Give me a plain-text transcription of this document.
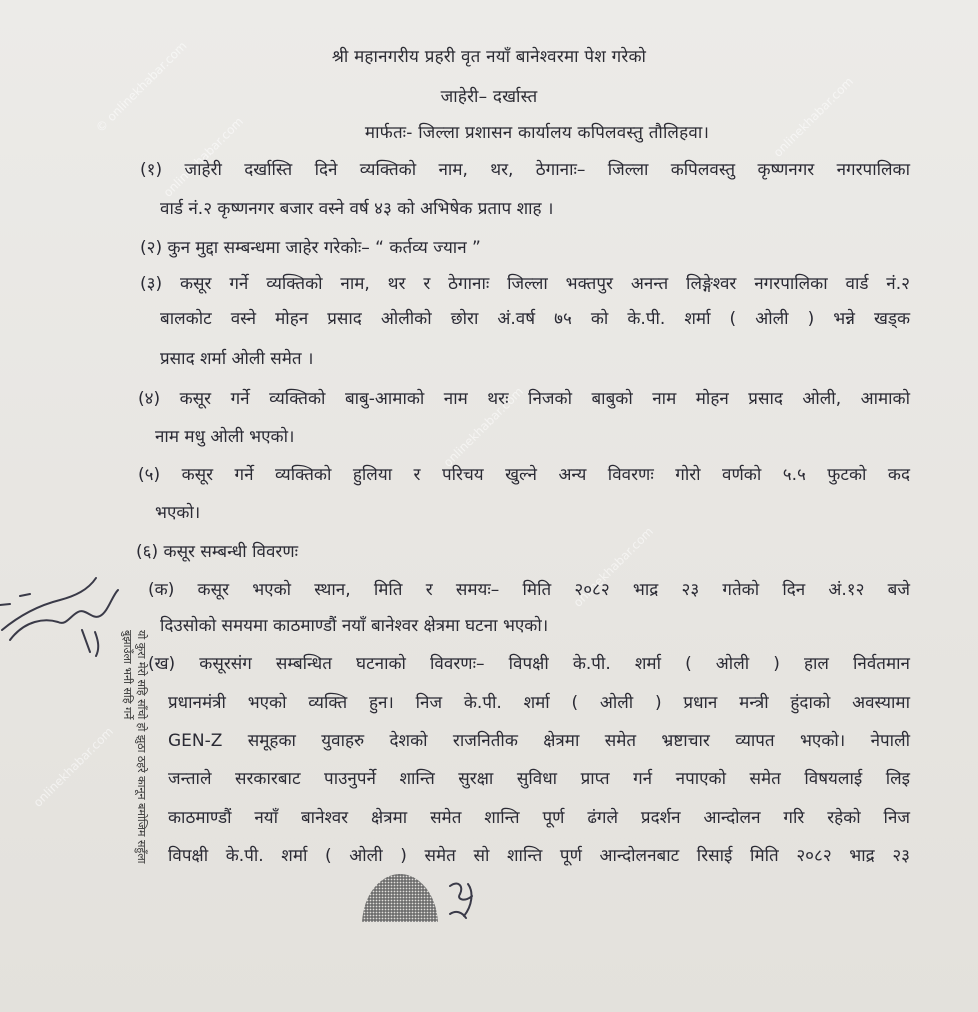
© onlinekhabar.com
onlinekhabar.com	onlinekhabar.com
onlinekhabar.com
onlinekhabar.com
onlinekhabar.com
श्री महानगरीय प्रहरी वृत नयाँ बानेश्वरमा पेश गरेको
जाहेरी– दर्खास्त
मार्फतः- जिल्ला प्रशासन कार्यालय कपिलवस्तु तौलिहवा।
(१) जाहेरी दर्खास्ति दिने व्यक्तिको नाम, थर, ठेगानाः– जिल्ला कपिलवस्तु कृष्णनगर नगरपालिका
वार्ड नं.२ कृष्णनगर बजार वस्ने वर्ष ४३ को अभिषेक प्रताप शाह ।
(२) कुन मुद्दा सम्बन्धमा जाहेर गरेकोः– “ कर्तव्य ज्यान ”
(३) कसूर गर्ने व्यक्तिको नाम, थर र ठेगानाः जिल्ला भक्तपुर अनन्त लिङ्गेश्वर नगरपालिका वार्ड नं.२
बालकोट वस्ने मोहन प्रसाद ओलीको छोरा अं.वर्ष ७५ को के.पी. शर्मा ( ओली ) भन्ने खड्क
प्रसाद शर्मा ओली समेत ।
(४) कसूर गर्ने व्यक्तिको बाबु-आमाको नाम थरः निजको बाबुको नाम मोहन प्रसाद ओली, आमाको
नाम मधु ओली भएको।
(५) कसूर गर्ने व्यक्तिको हुलिया र परिचय खुल्ने अन्य विवरणः गोरो वर्णको ५.५ फुटको कद
भएको।
(६) कसूर सम्बन्धी विवरणः
(क) कसूर भएको स्थान, मिति र समयः– मिति २०८२ भाद्र २३ गतेको दिन अं.१२ बजे
दिउसोको समयमा काठमाण्डौं नयाँ बानेश्वर क्षेत्रमा घटना भएको।
(ख) कसूरसंग सम्बन्धित घटनाको विवरणः– विपक्षी के.पी. शर्मा ( ओली ) हाल निर्वतमान
प्रधानमंत्री भएको व्यक्ति हुन। निज के.पी. शर्मा ( ओली ) प्रधान मन्त्री हुंदाको अवस्यामा
GEN-Z समूहका युवाहरु देशको राजनितीक क्षेत्रमा समेत भ्रष्टाचार व्यापत भएको। नेपाली
जन्ताले सरकारबाट पाउनुपर्ने शान्ति सुरक्षा सुविधा प्राप्त गर्न नपाएको समेत विषयलाई लिइ
काठमाण्डौं नयाँ बानेश्वर क्षेत्रमा समेत शान्ति पूर्ण ढंगले प्रदर्शन आन्दोलन गरि रहेको निज
विपक्षी के.पी. शर्मा ( ओली ) समेत सो शान्ति पूर्ण आन्दोलनबाट रिसाई मिति २०८२ भाद्र २३
यो कुरा मेरो सहि साँचो हो झुठा ठहरे कानून बमोजिम सहुँला बुझाउँला भनी सहि गर्ने
